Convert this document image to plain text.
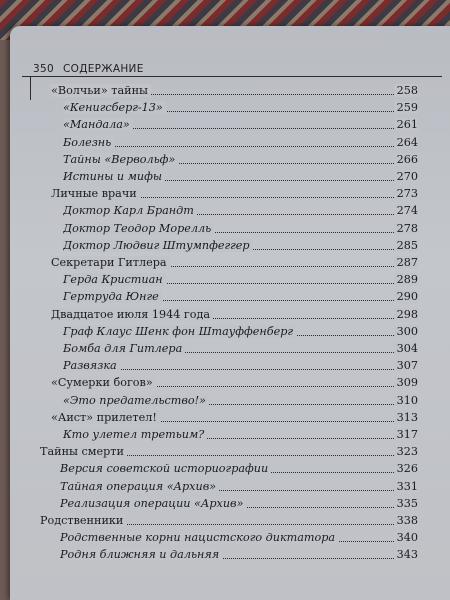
350 СОДЕРЖАНИЕ
«Волчьи» тайны	258
«Кенигсберг-13»	259
«Мандала»	261
Болезнь	264
Тайны «Вервольф»	266
Истины и мифы	270
Личные врачи	273
Доктор Карл Брандт	274
Доктор Теодор Морелль	278
Доктор Людвиг Штумпфеггер	285
Секретари Гитлера	287
Герда Кристиан	289
Гертруда Юнге	290
Двадцатое июля 1944 года	298
Граф Клаус Шенк фон Штауффенберг	300
Бомба для Гитлера	304
Развязка	307
«Сумерки богов»	309
«Это предательство!»	310
«Аист» прилетел!	313
Кто улетел третьим?	317
Тайны смерти	323
Версия советской историографии	326
Тайная операция «Архив»	331
Реализация операции «Архив»	335
Родственники	338
Родственные корни нацистского диктатора	340
Родня ближняя и дальняя	343
